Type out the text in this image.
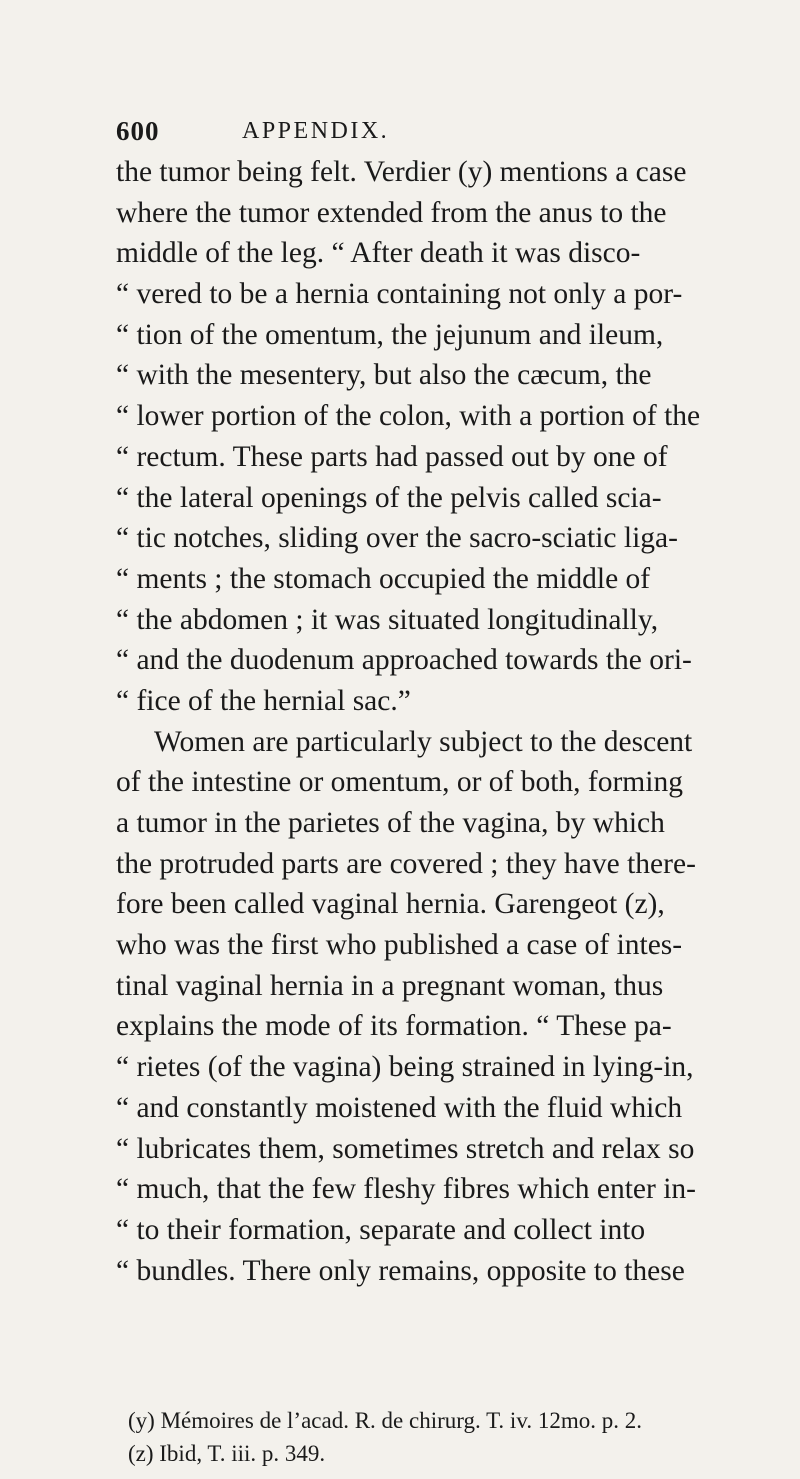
600	APPENDIX.
the tumor being felt. Verdier (y) mentions a case
where the tumor extended from the anus to the
middle of the leg. “ After death it was disco-
“ vered to be a hernia containing not only a por-
“ tion of the omentum, the jejunum and ileum,
“ with the mesentery, but also the cæcum, the
“ lower portion of the colon, with a portion of the
“ rectum. These parts had passed out by one of
“ the lateral openings of the pelvis called scia-
“ tic notches, sliding over the sacro-sciatic liga-
“ ments ; the stomach occupied the middle of
“ the abdomen ; it was situated longitudinally,
“ and the duodenum approached towards the ori-
“ fice of the hernial sac.”
Women are particularly subject to the descent
of the intestine or omentum, or of both, forming
a tumor in the parietes of the vagina, by which
the protruded parts are covered ; they have there-
fore been called vaginal hernia. Garengeot (z),
who was the first who published a case of intes-
tinal vaginal hernia in a pregnant woman, thus
explains the mode of its formation. “ These pa-
“ rietes (of the vagina) being strained in lying-in,
“ and constantly moistened with the fluid which
“ lubricates them, sometimes stretch and relax so
“ much, that the few fleshy fibres which enter in-
“ to their formation, separate and collect into
“ bundles. There only remains, opposite to these
(y) Mémoires de l’acad. R. de chirurg. T. iv. 12mo. p. 2.
(z) Ibid, T. iii. p. 349.
